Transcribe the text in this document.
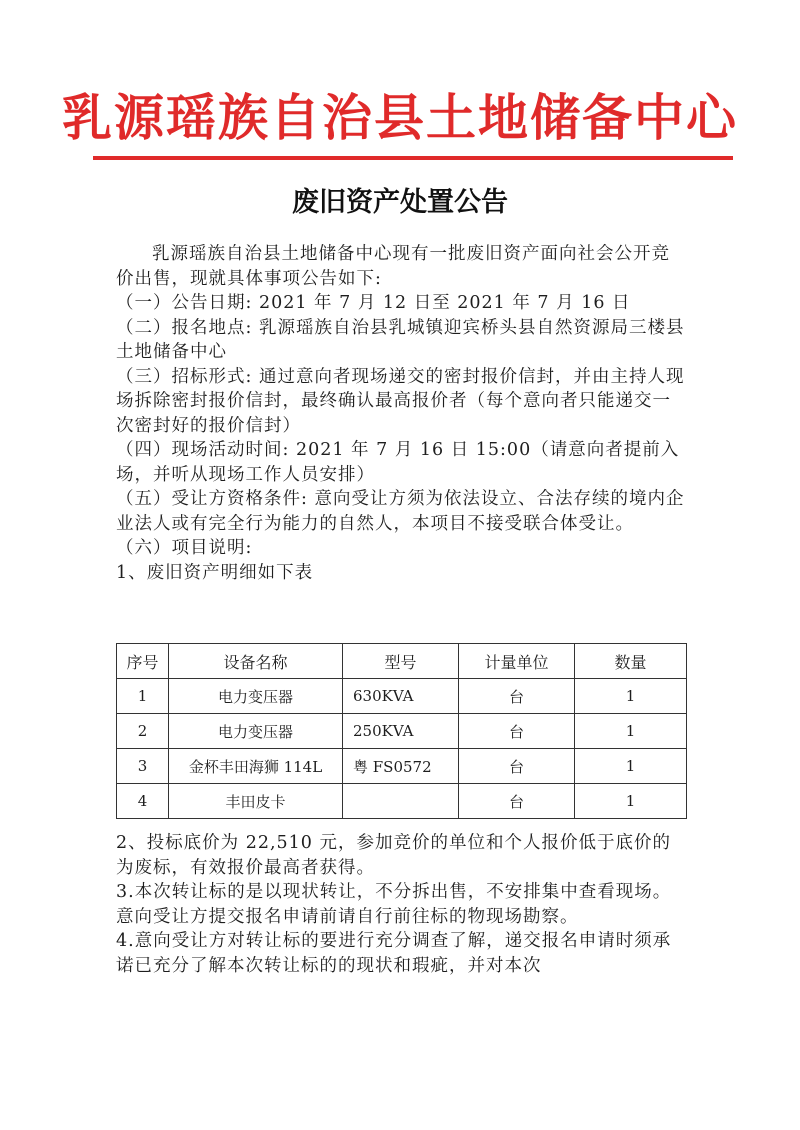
乳源瑶族自治县土地储备中心
废旧资产处置公告

乳源瑶族自治县土地储备中心现有一批废旧资产面向社会公开竞价出售，现就具体事项公告如下:

（一）公告日期: 2021 年 7 月 12 日至 2021 年 7 月 16 日

（二）报名地点: 乳源瑶族自治县乳城镇迎宾桥头县自然资源局三楼县土地储备中心

（三）招标形式: 通过意向者现场递交的密封报价信封，并由主持人现场拆除密封报价信封，最终确认最高报价者（每个意向者只能递交一次密封好的报价信封）

（四）现场活动时间: 2021 年 7 月 16 日 15:00（请意向者提前入场，并听从现场工作人员安排）

（五）受让方资格条件: 意向受让方须为依法设立、合法存续的境内企业法人或有完全行为能力的自然人，本项目不接受联合体受让。

（六）项目说明:

1、废旧资产明细如下表

序号	设备名称	型号	计量单位	数量
1	电力变压器	630KVA	台	1
2	电力变压器	250KVA	台	1
3	金杯丰田海狮 114L	粤 FS0572	台	1
4	丰田皮卡		台	1

2、投标底价为 22,510 元，参加竞价的单位和个人报价低于底价的为废标，有效报价最高者获得。

3.本次转让标的是以现状转让，不分拆出售，不安排集中查看现场。意向受让方提交报名申请前请自行前往标的物现场勘察。

4.意向受让方对转让标的要进行充分调查了解，递交报名申请时须承诺已充分了解本次转让标的的现状和瑕疵，并对本次
